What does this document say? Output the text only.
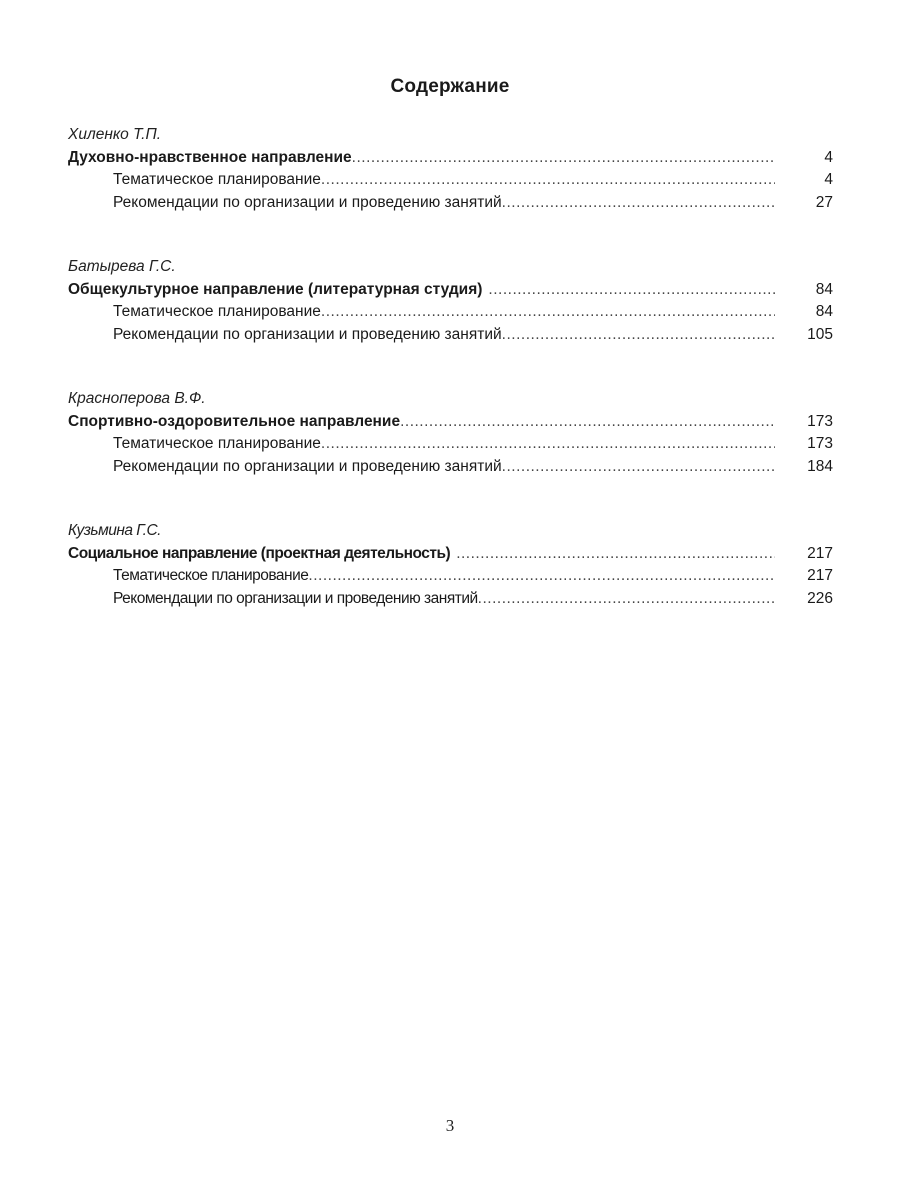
Содержание
Хиленко Т.П.
Духовно-нравственное направление .....	4
Тематическое планирование .....	4
Рекомендации по организации и проведению занятий .....	27
Батырева Г.С.
Общекультурное направление (литературная студия) .....	84
Тематическое планирование .....	84
Рекомендации по организации и проведению занятий .....	105
Красноперова В.Ф.
Спортивно-оздоровительное направление .....	173
Тематическое планирование .....	173
Рекомендации по организации и проведению занятий .....	184
Кузьмина Г.С.
Социальное направление (проектная деятельность) .....	217
Тематическое планирование .....	217
Рекомендации по организации и проведению занятий .....	226
3
